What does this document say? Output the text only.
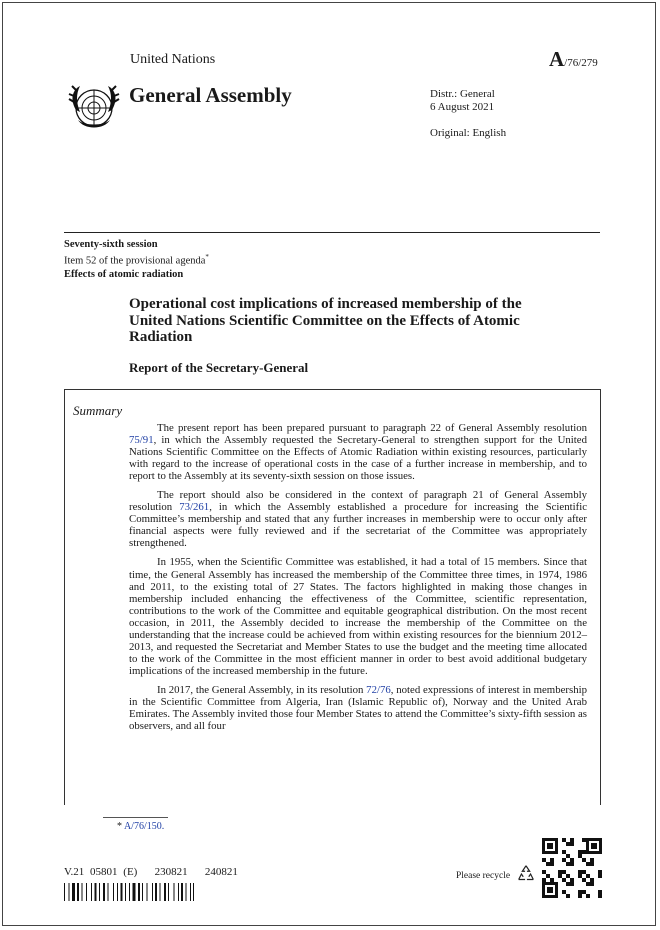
United Nations	A/76/279
General Assembly	Distr.: General
6 August 2021
Original: English
Seventy-sixth session
Item 52 of the provisional agenda*
Effects of atomic radiation
Operational cost implications of increased membership of the United Nations Scientific Committee on the Effects of Atomic Radiation
Report of the Secretary-General
Summary

The present report has been prepared pursuant to paragraph 22 of General Assembly resolution 75/91, in which the Assembly requested the Secretary-General to strengthen support for the United Nations Scientific Committee on the Effects of Atomic Radiation within existing resources, particularly with regard to the increase of operational costs in the case of a further increase in membership, and to report to the Assembly at its seventy-sixth session on those issues.

The report should also be considered in the context of paragraph 21 of General Assembly resolution 73/261, in which the Assembly established a procedure for increasing the Scientific Committee’s membership and stated that any further increases in membership were to occur only after financial aspects were fully reviewed and if the secretariat of the Committee was appropriately strengthened.

In 1955, when the Scientific Committee was established, it had a total of 15 members. Since that time, the General Assembly has increased the membership of the Committee three times, in 1974, 1986 and 2011, to the existing total of 27 States. The factors highlighted in making those changes in membership included enhancing the effectiveness of the Committee, scientific representation, contributions to the work of the Committee and equitable geographical distribution. On the most recent occasion, in 2011, the Assembly decided to increase the membership of the Committee on the understanding that the increase could be achieved from within existing resources for the biennium 2012–2013, and requested the Secretariat and Member States to use the budget and the meeting time allocated to the work of the Committee in the most efficient manner in order to best avoid additional budgetary implications of the increased membership in the future.

In 2017, the General Assembly, in its resolution 72/76, noted expressions of interest in membership in the Scientific Committee from Algeria, Iran (Islamic Republic of), Norway and the United Arab Emirates. The Assembly invited those four Member States to attend the Committee’s sixty-fifth session as observers, and all four

* A/76/150.
V.21 05801 (E) 230821 240821	Please recycle
